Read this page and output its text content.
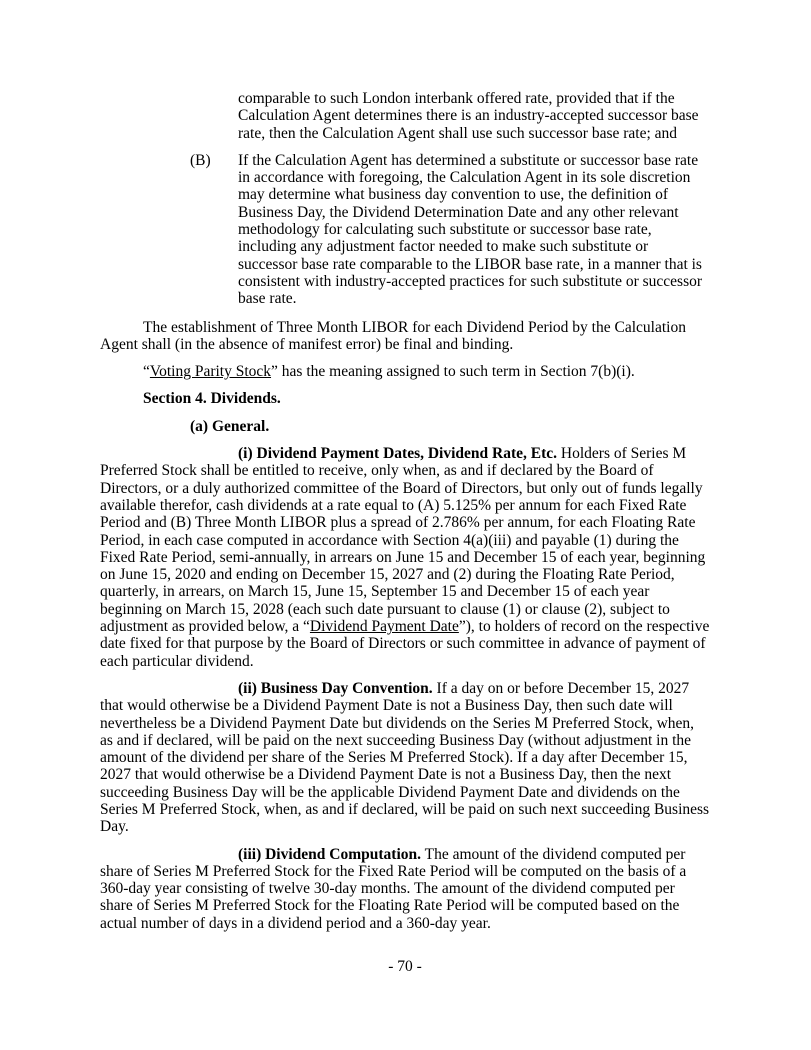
comparable to such London interbank offered rate, provided that if the Calculation Agent determines there is an industry-accepted successor base rate, then the Calculation Agent shall use such successor base rate; and

(B) If the Calculation Agent has determined a substitute or successor base rate in accordance with foregoing, the Calculation Agent in its sole discretion may determine what business day convention to use, the definition of Business Day, the Dividend Determination Date and any other relevant methodology for calculating such substitute or successor base rate, including any adjustment factor needed to make such substitute or successor base rate comparable to the LIBOR base rate, in a manner that is consistent with industry-accepted practices for such substitute or successor base rate.

The establishment of Three Month LIBOR for each Dividend Period by the Calculation Agent shall (in the absence of manifest error) be final and binding.

“Voting Parity Stock” has the meaning assigned to such term in Section 7(b)(i).

Section 4. Dividends.

(a) General.

(i) Dividend Payment Dates, Dividend Rate, Etc. Holders of Series M Preferred Stock shall be entitled to receive, only when, as and if declared by the Board of Directors, or a duly authorized committee of the Board of Directors, but only out of funds legally available therefor, cash dividends at a rate equal to (A) 5.125% per annum for each Fixed Rate Period and (B) Three Month LIBOR plus a spread of 2.786% per annum, for each Floating Rate Period, in each case computed in accordance with Section 4(a)(iii) and payable (1) during the Fixed Rate Period, semi-annually, in arrears on June 15 and December 15 of each year, beginning on June 15, 2020 and ending on December 15, 2027 and (2) during the Floating Rate Period, quarterly, in arrears, on March 15, June 15, September 15 and December 15 of each year beginning on March 15, 2028 (each such date pursuant to clause (1) or clause (2), subject to adjustment as provided below, a “Dividend Payment Date”), to holders of record on the respective date fixed for that purpose by the Board of Directors or such committee in advance of payment of each particular dividend.

(ii) Business Day Convention. If a day on or before December 15, 2027 that would otherwise be a Dividend Payment Date is not a Business Day, then such date will nevertheless be a Dividend Payment Date but dividends on the Series M Preferred Stock, when, as and if declared, will be paid on the next succeeding Business Day (without adjustment in the amount of the dividend per share of the Series M Preferred Stock). If a day after December 15, 2027 that would otherwise be a Dividend Payment Date is not a Business Day, then the next succeeding Business Day will be the applicable Dividend Payment Date and dividends on the Series M Preferred Stock, when, as and if declared, will be paid on such next succeeding Business Day.

(iii) Dividend Computation. The amount of the dividend computed per share of Series M Preferred Stock for the Fixed Rate Period will be computed on the basis of a 360-day year consisting of twelve 30-day months. The amount of the dividend computed per share of Series M Preferred Stock for the Floating Rate Period will be computed based on the actual number of days in a dividend period and a 360-day year.

- 70 -
